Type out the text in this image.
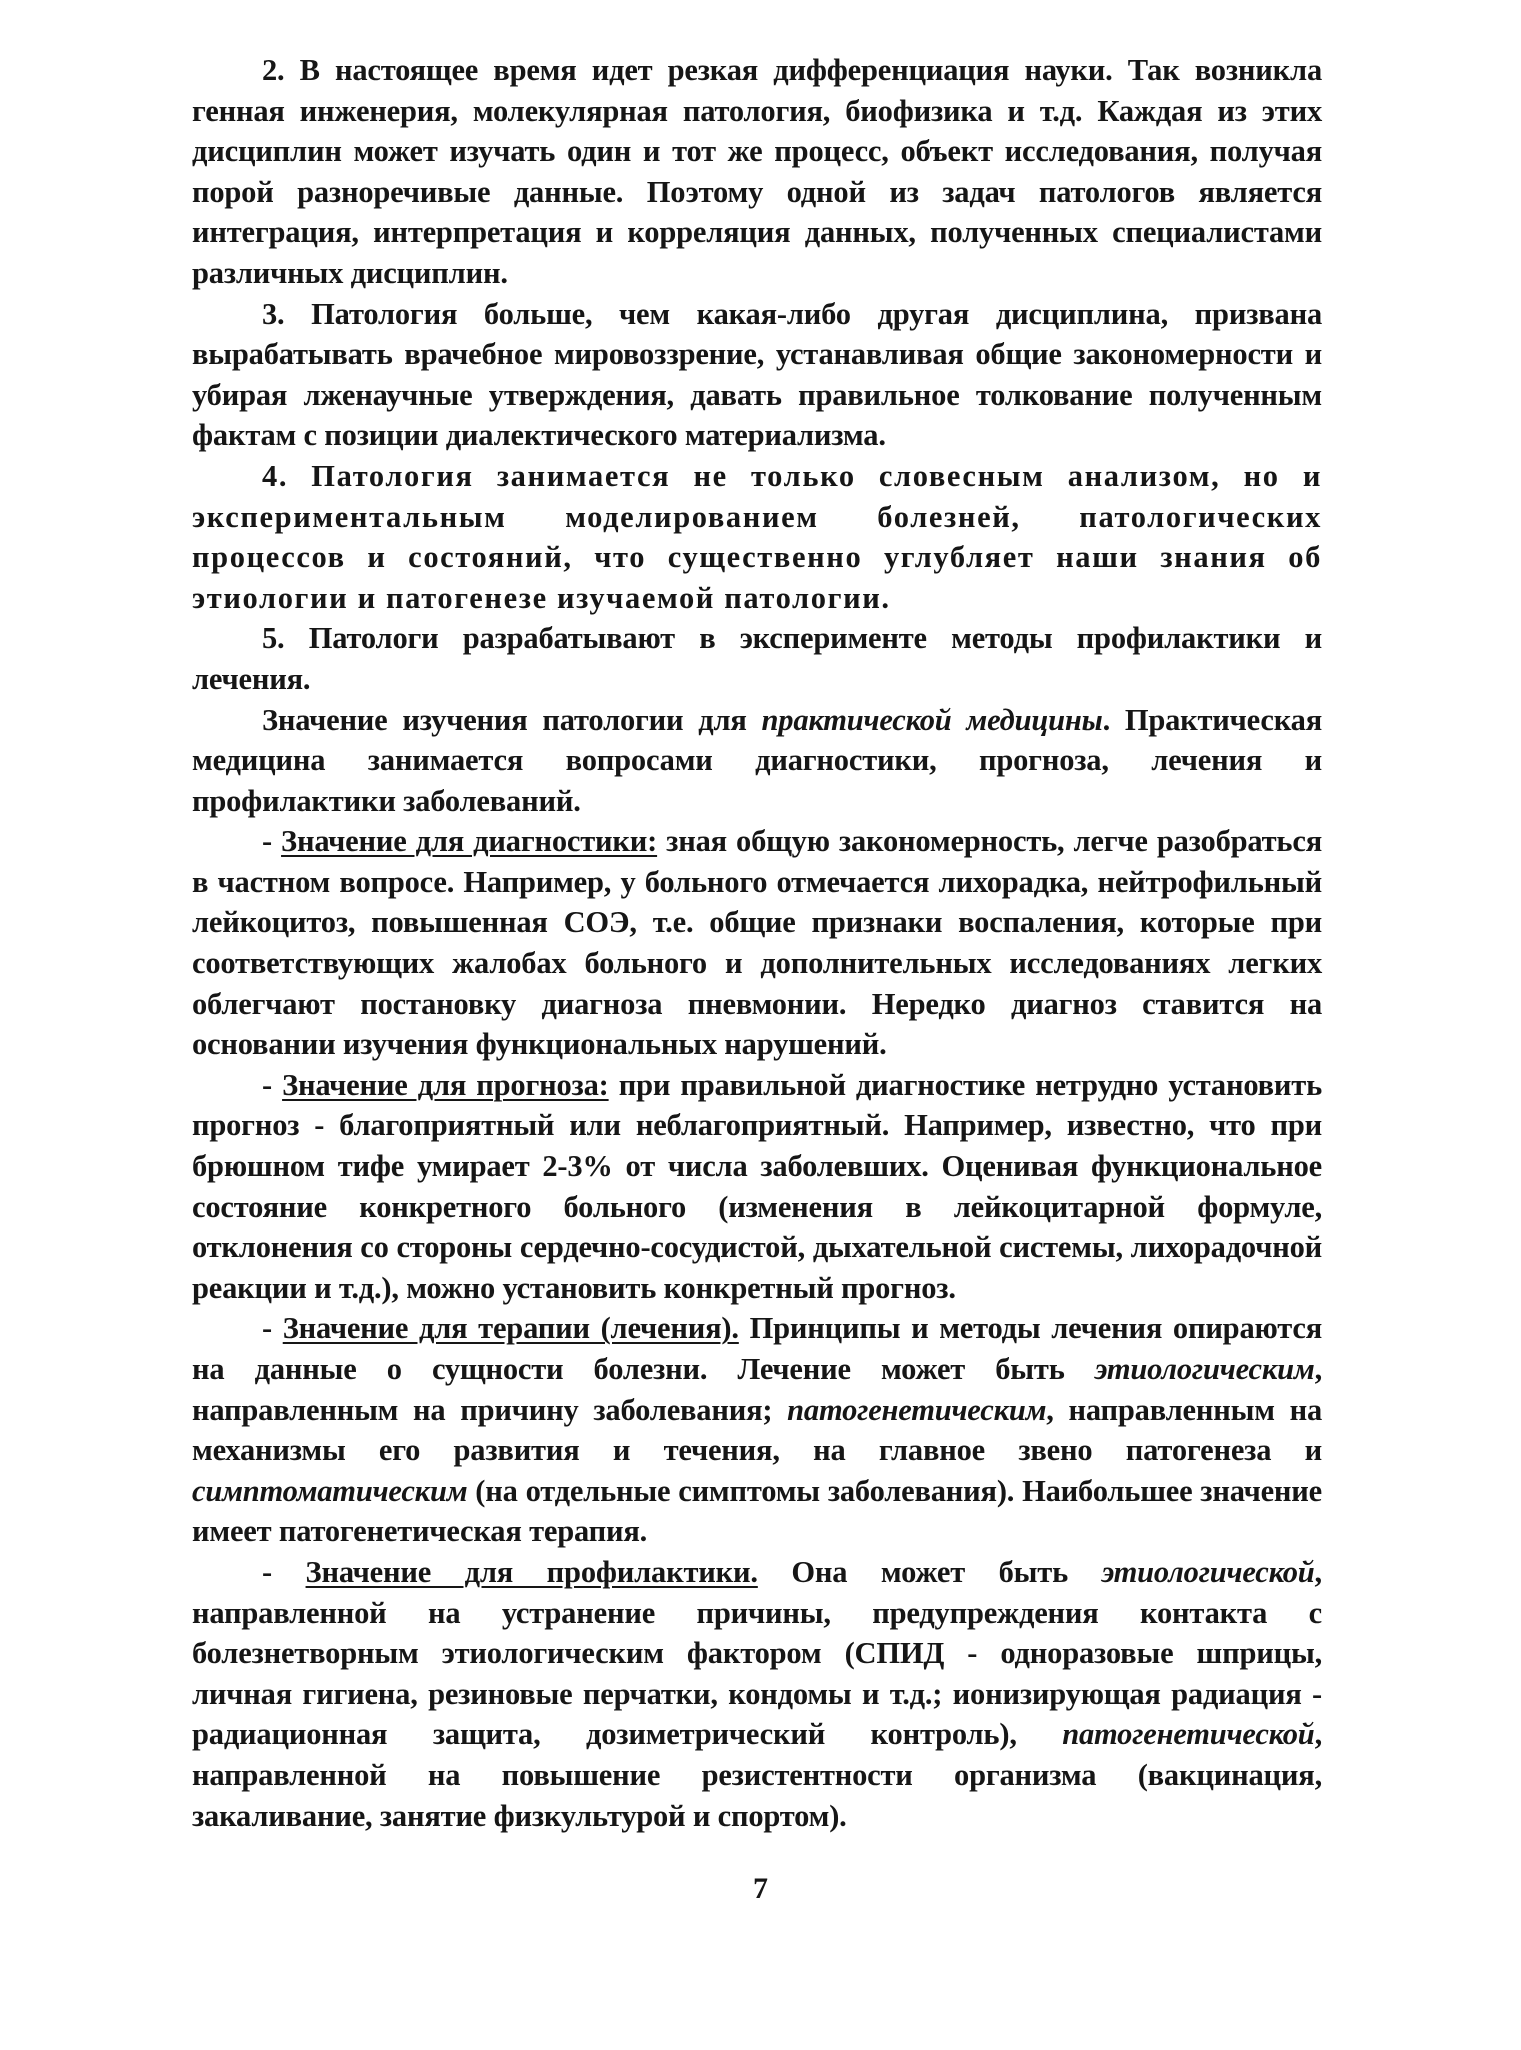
2. В настоящее время идет резкая дифференциация науки. Так возникла генная инженерия, молекулярная патология, биофизика и т.д. Каждая из этих дисциплин может изучать один и тот же процесс, объект исследования, получая порой разноречивые данные. Поэтому одной из задач патологов является интеграция, интерпретация и корреляция данных, полученных специалистами различных дисциплин.

3. Патология больше, чем какая-либо другая дисциплина, призвана вырабатывать врачебное мировоззрение, устанавливая общие закономерности и убирая лженаучные утверждения, давать правильное толкование полученным фактам с позиции диалектического материализма.

4. Патология занимается не только словесным анализом, но и экспериментальным моделированием болезней, патологических процессов и состояний, что существенно углубляет наши знания об этиологии и патогенезе изучаемой патологии.

5. Патологи разрабатывают в эксперименте методы профилактики и лечения.

Значение изучения патологии для практической медицины. Практическая медицина занимается вопросами диагностики, прогноза, лечения и профилактики заболеваний.

- Значение для диагностики: зная общую закономерность, легче разобраться в частном вопросе. Например, у больного отмечается лихорадка, нейтрофильный лейкоцитоз, повышенная СОЭ, т.е. общие признаки воспаления, которые при соответствующих жалобах больного и дополнительных исследованиях легких облегчают постановку диагноза пневмонии. Нередко диагноз ставится на основании изучения функциональных нарушений.

- Значение для прогноза: при правильной диагностике нетрудно установить прогноз - благоприятный или неблагоприятный. Например, известно, что при брюшном тифе умирает 2-3% от числа заболевших. Оценивая функциональное состояние конкретного больного (изменения в лейкоцитарной формуле, отклонения со стороны сердечно-сосудистой, дыхательной системы, лихорадочной реакции и т.д.), можно установить конкретный прогноз.

- Значение для терапии (лечения). Принципы и методы лечения опираются на данные о сущности болезни. Лечение может быть этиологическим, направленным на причину заболевания; патогенетическим, направленным на механизмы его развития и течения, на главное звено патогенеза и симптоматическим (на отдельные симптомы заболевания). Наибольшее значение имеет патогенетическая терапия.

- Значение для профилактики. Она может быть этиологической, направленной на устранение причины, предупреждения контакта с болезнетворным этиологическим фактором (СПИД - одноразовые шприцы, личная гигиена, резиновые перчатки, кондомы и т.д.; ионизирующая радиация - радиационная защита, дозиметрический контроль), патогенетической, направленной на повышение резистентности организма (вакцинация, закаливание, занятие физкультурой и спортом).

7
